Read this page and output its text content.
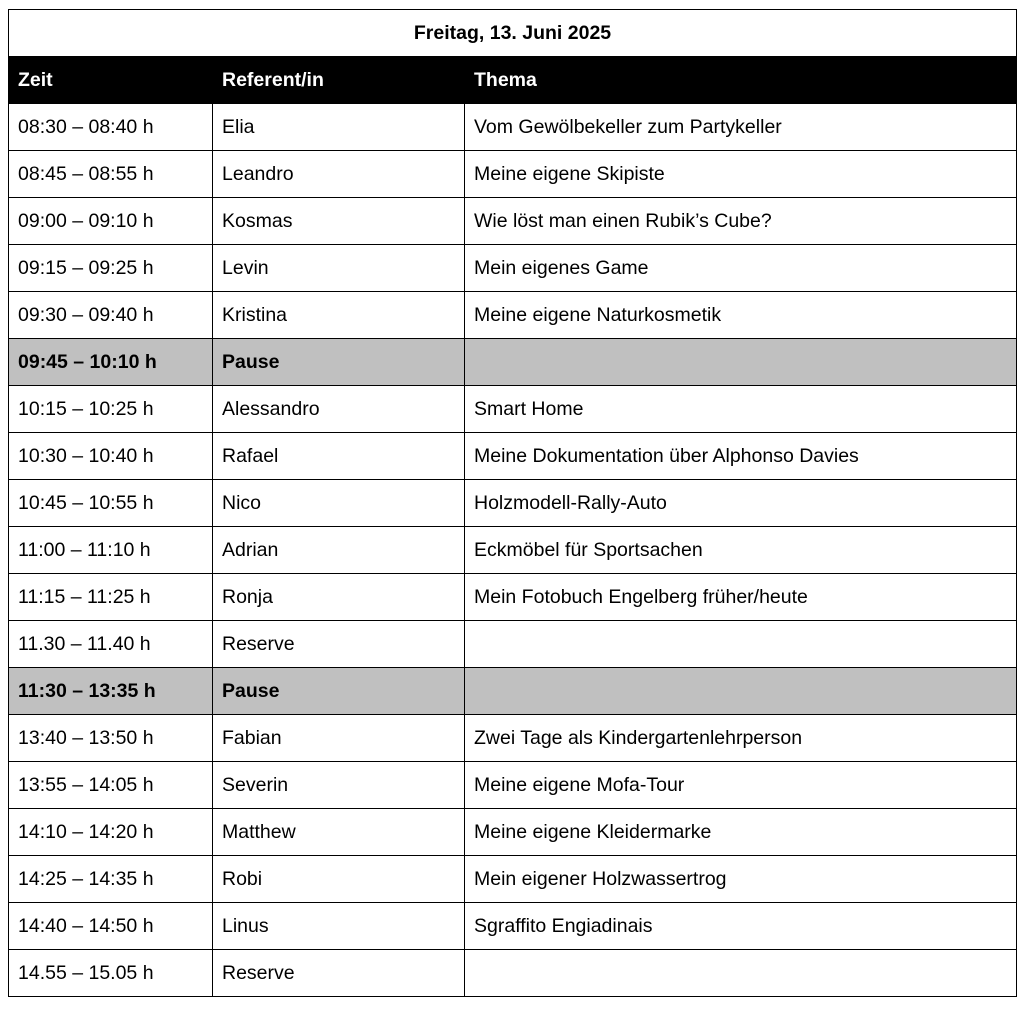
Freitag, 13. Juni 2025		
Zeit	Referent/in	Thema
08:30 – 08:40 h	Elia	Vom Gewölbekeller zum Partykeller
08:45 – 08:55 h	Leandro	Meine eigene Skipiste
09:00 – 09:10 h	Kosmas	Wie löst man einen Rubik’s Cube?
09:15 – 09:25 h	Levin	Mein eigenes Game
09:30 – 09:40 h	Kristina	Meine eigene Naturkosmetik
09:45 – 10:10 h	Pause	
10:15 – 10:25 h	Alessandro	Smart Home
10:30 – 10:40 h	Rafael	Meine Dokumentation über Alphonso Davies
10:45 – 10:55 h	Nico	Holzmodell-Rally-Auto
11:00 – 11:10 h	Adrian	Eckmöbel für Sportsachen
11:15 – 11:25 h	Ronja	Mein Fotobuch Engelberg früher/heute
11.30 – 11.40 h	Reserve	
11:30 – 13:35 h	Pause	
13:40 – 13:50 h	Fabian	Zwei Tage als Kindergartenlehrperson
13:55 – 14:05 h	Severin	Meine eigene Mofa-Tour
14:10 – 14:20 h	Matthew	Meine eigene Kleidermarke
14:25 – 14:35 h	Robi	Mein eigener Holzwassertrog
14:40 – 14:50 h	Linus	Sgraffito Engiadinais
14.55 – 15.05 h	Reserve	
